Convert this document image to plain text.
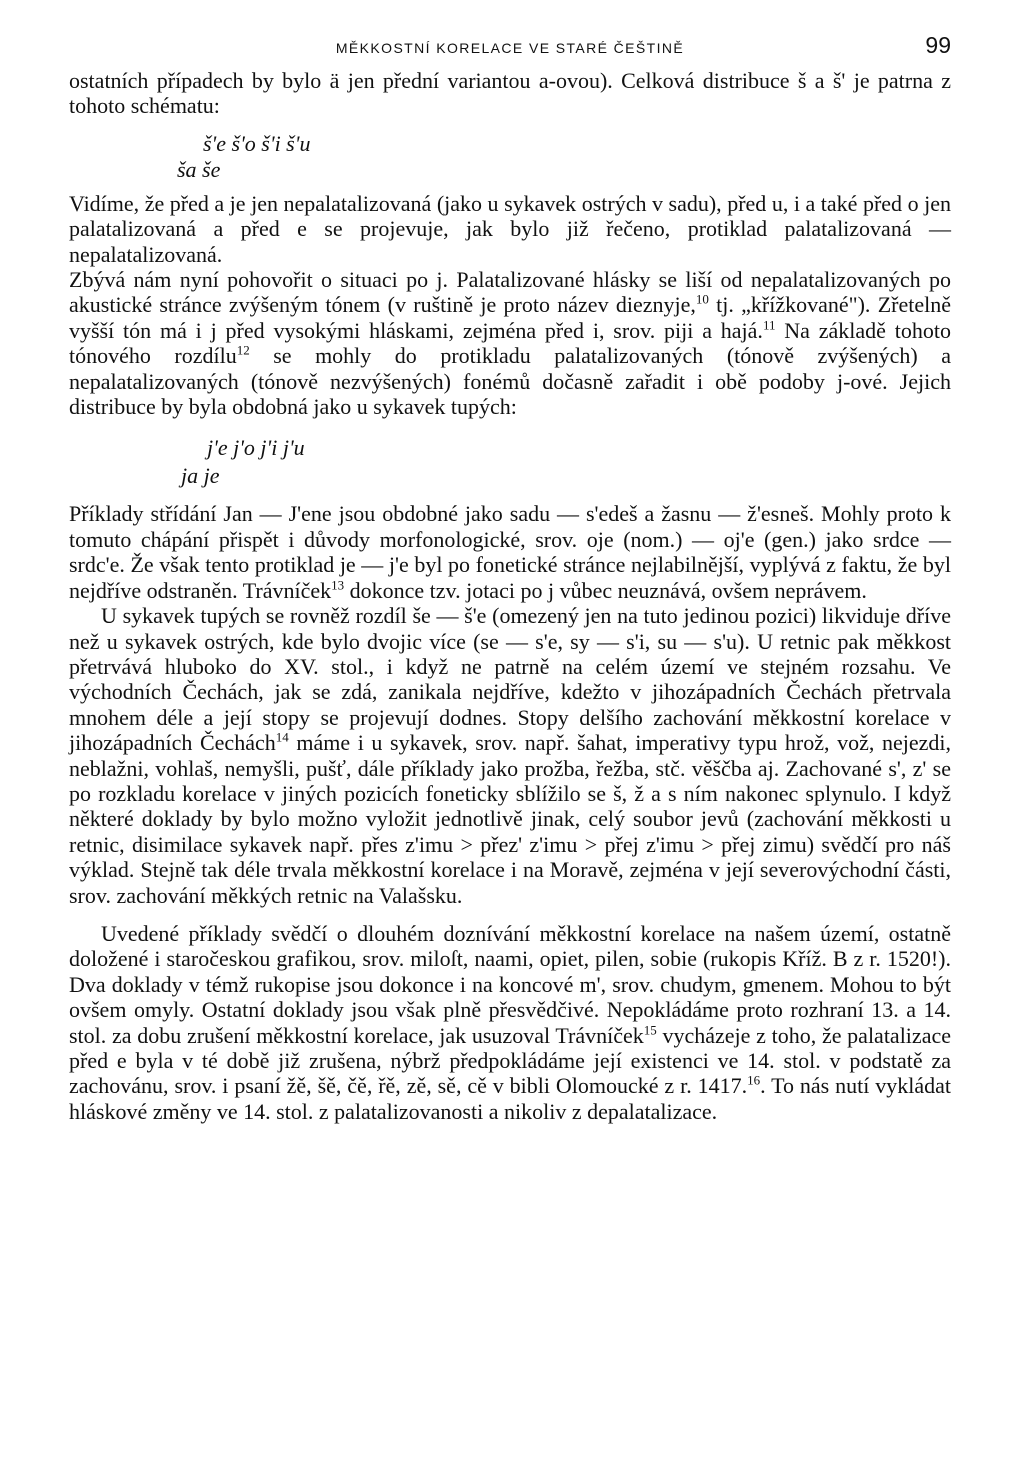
MĚKKOSTNÍ KORELACE VE STARÉ ČEŠTINĚ	99

ostatních případech by bylo ä jen přední variantou a-ovou). Celková distribuce š a š' je patrna z tohoto schématu:

š'e š'o š'i š'u
ša še

Vidíme, že před a je jen nepalatalizovaná (jako u sykavek ostrých v sadu), před u, i a také před o jen palatalizovaná a před e se projevuje, jak bylo již řečeno, protiklad palatalizovaná — nepalatalizovaná.

Zbývá nám nyní pohovořit o situaci po j. Palatalizované hlásky se liší od nepalatalizovaných po akustické stránce zvýšeným tónem (v ruštině je proto název dieznyje,$^{10}$ tj. „křížkované"). Zřetelně vyšší tón má i j před vysokými hláskami, zejména před i, srov. piji a hajá.$^{11}$ Na základě tohoto tónového rozdílu$^{12}$ se mohly do protikladu palatalizovaných (tónově zvýšených) a nepalatalizovaných (tónově nezvýšených) fonémů dočasně zařadit i obě podoby j-ové. Jejich distribuce by byla obdobná jako u sykavek tupých:

j'e j'o j'i j'u
ja je

Příklady střídání Jan — J'ene jsou obdobné jako sadu — s'edeš a žasnu — ž'esneš. Mohly proto k tomuto chápání přispět i důvody morfonologické, srov. oje (nom.) — oj'e (gen.) jako srdce — srdc'e. Že však tento protiklad je — j'e byl po fonetické stránce nejlabilnější, vyplývá z faktu, že byl nejdříve odstraněn. Trávníček$^{13}$ dokonce tzv. jotaci po j vůbec neuznává, ovšem neprávem.

U sykavek tupých se rovněž rozdíl še — š'e (omezený jen na tuto jedinou pozici) likviduje dříve než u sykavek ostrých, kde bylo dvojic více (se — s'e, sy — s'i, su — s'u). U retnic pak měkkost přetrvává hluboko do XV. stol., i když ne patrně na celém území ve stejném rozsahu. Ve východních Čechách, jak se zdá, zanikala nejdříve, kdežto v jihozápadních Čechách přetrvala mnohem déle a její stopy se projevují dodnes. Stopy delšího zachování měkkostní korelace v jihozápadních Čechách$^{14}$ máme i u sykavek, srov. např. šahat, imperativy typu hrož, vož, nejezdi, neblažni, vohlaš, nemyšli, pušť, dále příklady jako prožba, řežba, stč. věščba aj. Zachované s', z' se po rozkladu korelace v jiných pozicích foneticky sblížilo se š, ž a s ním nakonec splynulo. I když některé doklady by bylo možno vyložit jednotlivě jinak, celý soubor jevů (zachování měkkosti u retnic, disimilace sykavek např. přes z'imu > přez' z'imu > přej z'imu > přej zimu) svědčí pro náš výklad. Stejně tak déle trvala měkkostní korelace i na Moravě, zejména v její severovýchodní části, srov. zachování měkkých retnic na Valašsku.

Uvedené příklady svědčí o dlouhém doznívání měkkostní korelace na našem území, ostatně doložené i staročeskou grafikou, srov. miloſt, naami, opiet, pilen, sobie (rukopis Kříž. B z r. 1520!). Dva doklady v témž rukopise jsou dokonce i na koncové m', srov. chudym, gmenem. Mohou to být ovšem omyly. Ostatní doklady jsou však plně přesvědčivé. Nepokládáme proto rozhraní 13. a 14. stol. za dobu zrušení měkkostní korelace, jak usuzoval Trávníček$^{15}$ vycházeje z toho, že palatalizace před e byla v té době již zrušena, nýbrž předpokládáme její existenci ve 14. stol. v podstatě za zachovánu, srov. i psaní žě, šě, čě, řě, zě, sě, cě v bibli Olomoucké z r. 1417.16. To nás nutí vykládat hláskové změny ve 14. stol. z palatalizovanosti a nikoliv z depalatalizace.
